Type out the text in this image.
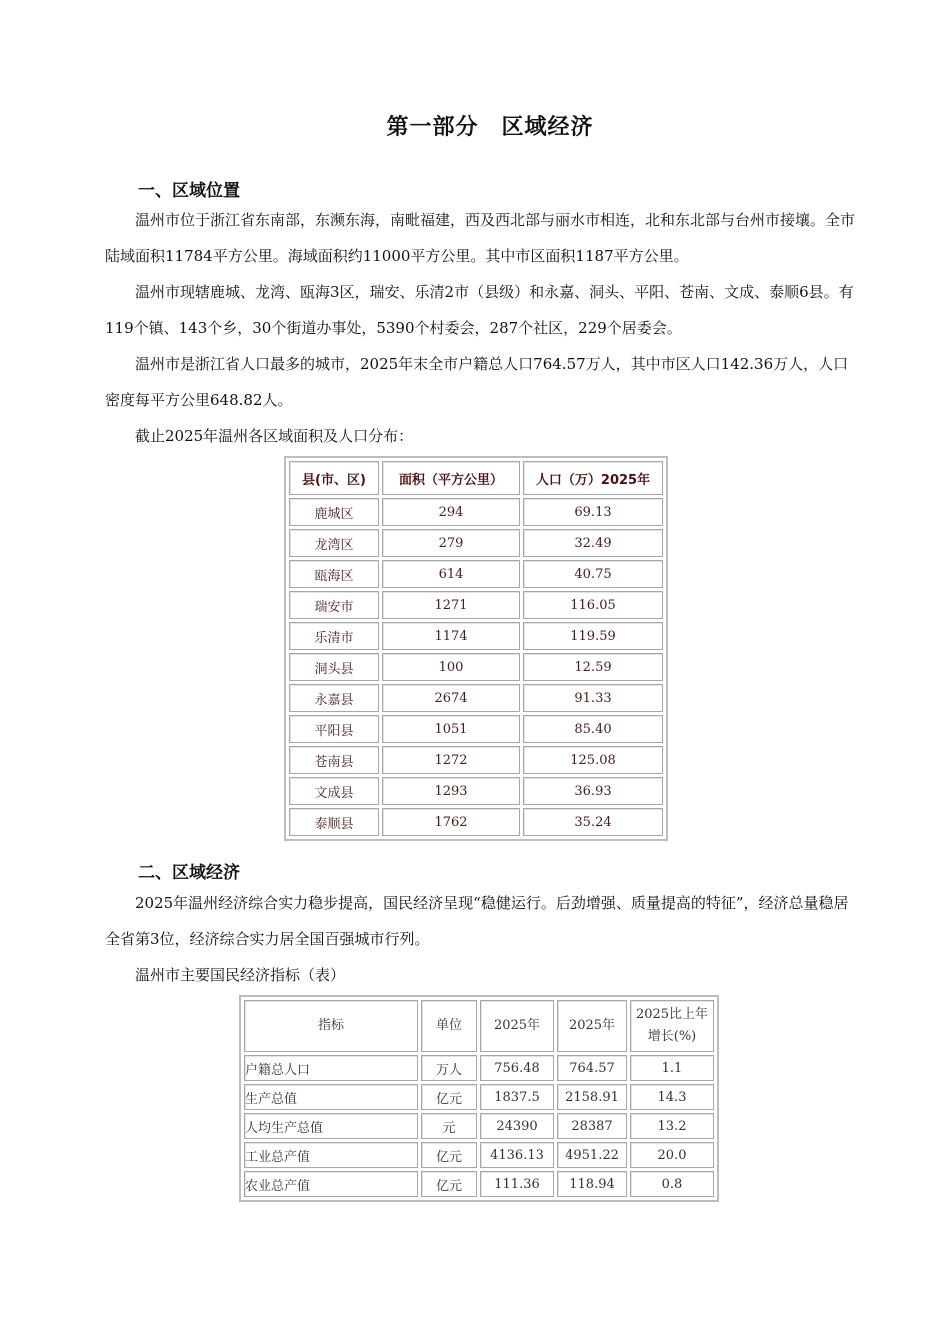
第一部分　区域经济
一、区域位置
温州市位于浙江省东南部，东濒东海，南毗福建，西及西北部与丽水市相连，北和东北部与台州市接壤。全市陆域面积11784平方公里。海域面积约11000平方公里。其中市区面积1187平方公里。
温州市现辖鹿城、龙湾、瓯海3区，瑞安、乐清2市（县级）和永嘉、洞头、平阳、苍南、文成、泰顺6县。有119个镇、143个乡，30个街道办事处，5390个村委会，287个社区，229个居委会。
温州市是浙江省人口最多的城市，2025年末全市户籍总人口764.57万人，其中市区人口142.36万人，人口密度每平方公里648.82人。
截止2025年温州各区域面积及人口分布：
县(市、区)	面积（平方公里）	人口（万）2025年
鹿城区	294	69.13
龙湾区	279	32.49
瓯海区	614	40.75
瑞安市	1271	116.05
乐清市	1174	119.59
洞头县	100	12.59
永嘉县	2674	91.33
平阳县	1051	85.40
苍南县	1272	125.08
文成县	1293	36.93
泰顺县	1762	35.24
二、区域经济
2025年温州经济综合实力稳步提高，国民经济呈现“稳健运行。后劲增强、质量提高的特征”，经济总量稳居全省第3位，经济综合实力居全国百强城市行列。
温州市主要国民经济指标（表）
指标	单位	2025年	2025年	2025比上年增长(%)
户籍总人口	万人	756.48	764.57	1.1
生产总值	亿元	1837.5	2158.91	14.3
人均生产总值	元	24390	28387	13.2
工业总产值	亿元	4136.13	4951.22	20.0
农业总产值	亿元	111.36	118.94	0.8
